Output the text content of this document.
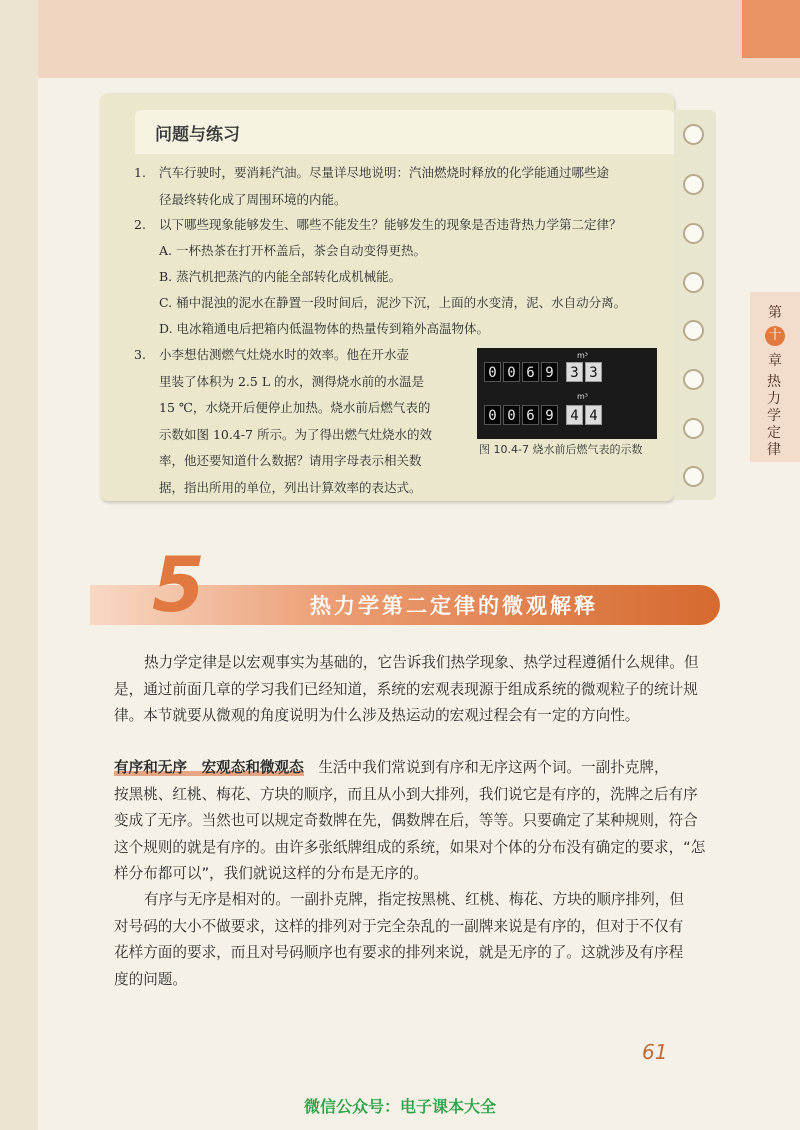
第
十
章
热力学定律
问题与练习
1. 汽车行驶时，要消耗汽油。尽量详尽地说明：汽油燃烧时释放的化学能通过哪些途
径最终转化成了周围环境的内能。
2. 以下哪些现象能够发生、哪些不能发生？能够发生的现象是否违背热力学第二定律？
A. 一杯热茶在打开杯盖后，茶会自动变得更热。
B. 蒸汽机把蒸汽的内能全部转化成机械能。
C. 桶中混浊的泥水在静置一段时间后，泥沙下沉，上面的水变清，泥、水自动分离。
D. 电冰箱通电后把箱内低温物体的热量传到箱外高温物体。
3. 小李想估测燃气灶烧水时的效率。他在开水壶
里装了体积为 2.5 L 的水，测得烧水前的水温是
15 ℃，水烧开后便停止加热。烧水前后燃气表的
示数如图 10.4-7 所示。为了得出燃气灶烧水的效
率，他还要知道什么数据？请用字母表示相关数
据，指出所用的单位，列出计算效率的表达式。
m³
0 0 6 9	3 3
m³
0 0 6 9	4 4
图 10.4-7 烧水前后燃气表的示数
5	热力学第二定律的微观解释
热力学定律是以宏观事实为基础的，它告诉我们热学现象、热学过程遵循什么规律。但
是，通过前面几章的学习我们已经知道，系统的宏观表现源于组成系统的微观粒子的统计规
律。本节就要从微观的角度说明为什么涉及热运动的宏观过程会有一定的方向性。
有序和无序　宏观态和微观态　生活中我们常说到有序和无序这两个词。一副扑克牌，
按黑桃、红桃、梅花、方块的顺序，而且从小到大排列，我们说它是有序的，洗牌之后有序
变成了无序。当然也可以规定奇数牌在先，偶数牌在后，等等。只要确定了某种规则，符合
这个规则的就是有序的。由许多张纸牌组成的系统，如果对个体的分布没有确定的要求，“怎
样分布都可以”，我们就说这样的分布是无序的。
有序与无序是相对的。一副扑克牌，指定按黑桃、红桃、梅花、方块的顺序排列，但
对号码的大小不做要求，这样的排列对于完全杂乱的一副牌来说是有序的，但对于不仅有
花样方面的要求，而且对号码顺序也有要求的排列来说，就是无序的了。这就涉及有序程
度的问题。
61
微信公众号：电子课本大全
